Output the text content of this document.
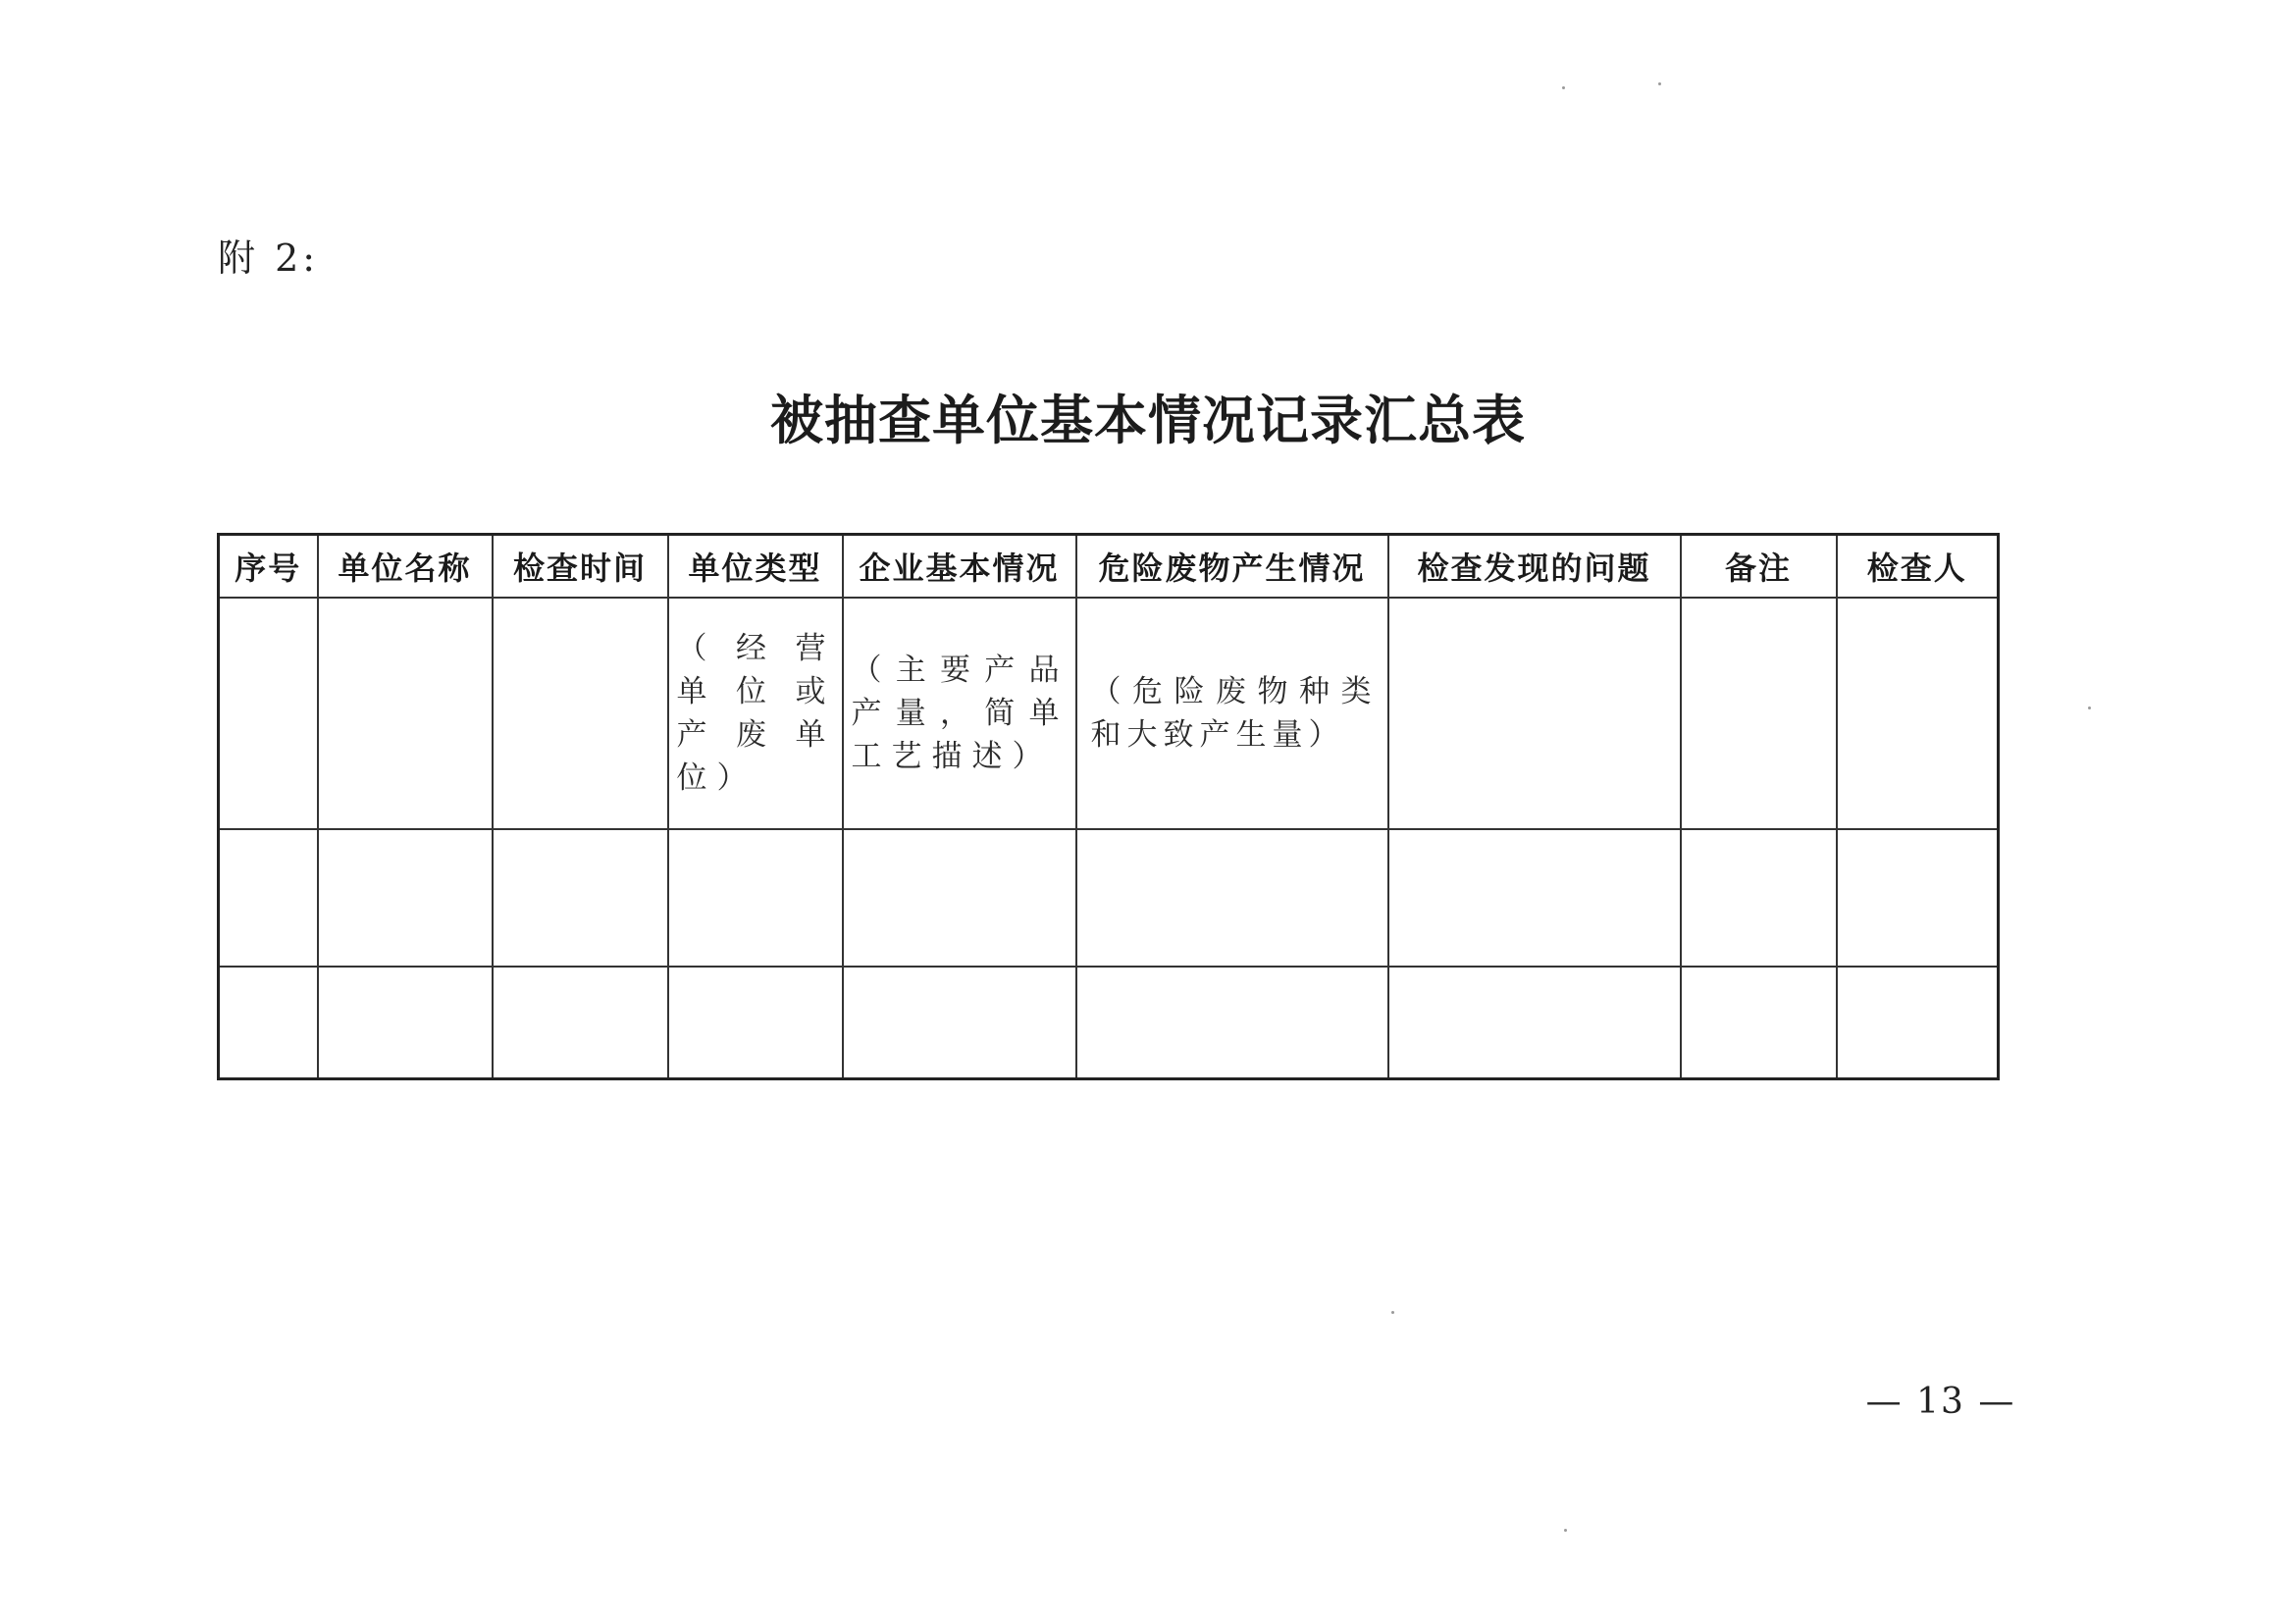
附 2:
被抽查单位基本情况记录汇总表
序号	单位名称	检查时间	单位类型	企业基本情况	危险废物产生情况	检查发现的问题	备注	检查人

			（经营单位或产废单位）	（主要产品产量，简单工艺描述）	（危险废物种类和大致产生量）			

— 13 —
